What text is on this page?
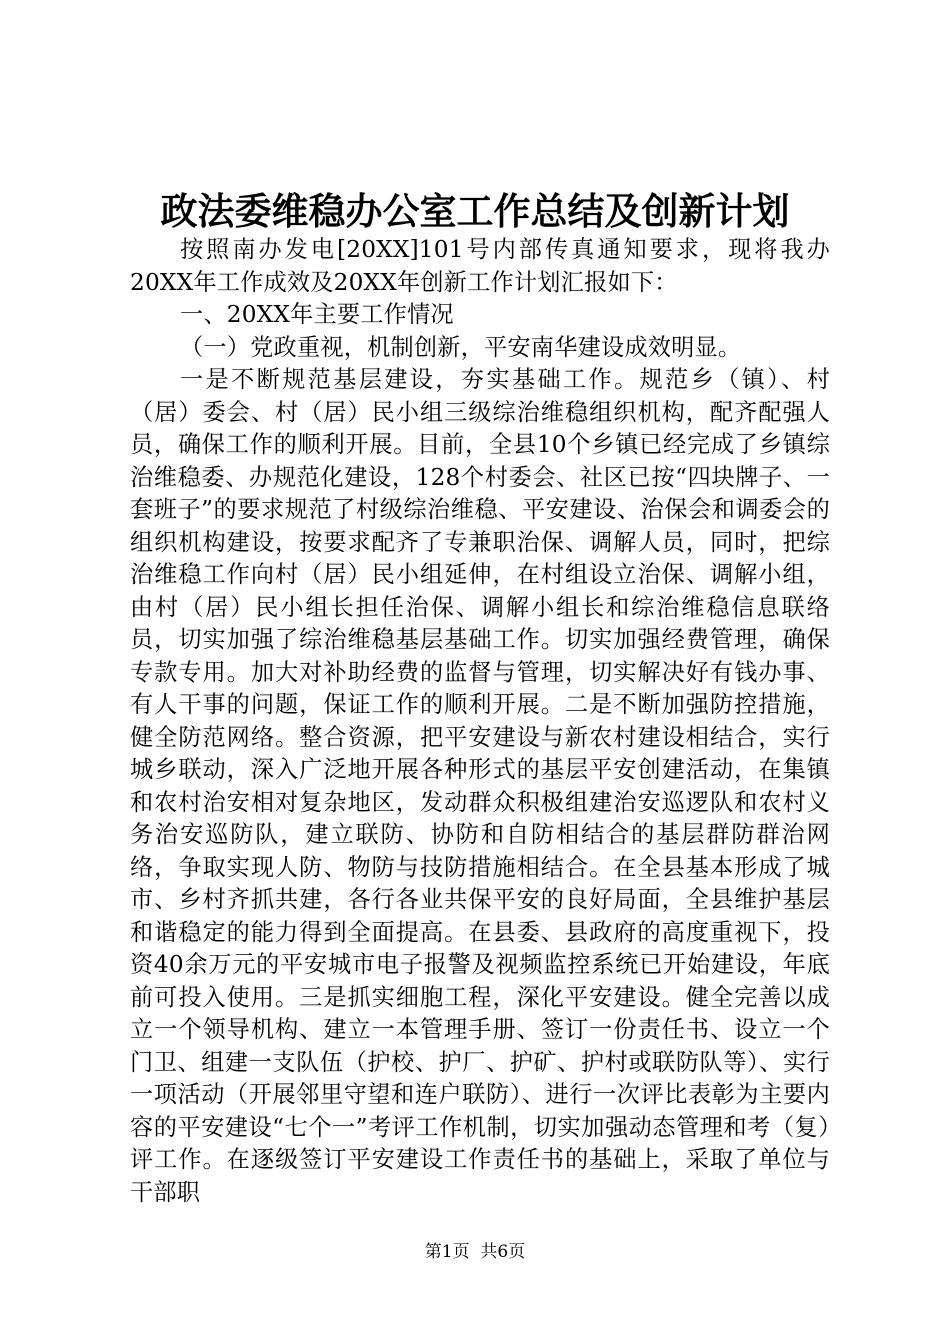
政法委维稳办公室工作总结及创新计划

按照南办发电[20XX]101号内部传真通知要求，现将我办20XX年工作成效及20XX年创新工作计划汇报如下：

一、20XX年主要工作情况

（一）党政重视，机制创新，平安南华建设成效明显。

一是不断规范基层建设，夯实基础工作。规范乡（镇）、村（居）委会、村（居）民小组三级综治维稳组织机构，配齐配强人员，确保工作的顺利开展。目前，全县10个乡镇已经完成了乡镇综治维稳委、办规范化建设，128个村委会、社区已按“四块牌子、一套班子”的要求规范了村级综治维稳、平安建设、治保会和调委会的组织机构建设，按要求配齐了专兼职治保、调解人员，同时，把综治维稳工作向村（居）民小组延伸，在村组设立治保、调解小组，由村（居）民小组长担任治保、调解小组长和综治维稳信息联络员，切实加强了综治维稳基层基础工作。切实加强经费管理，确保专款专用。加大对补助经费的监督与管理，切实解决好有钱办事、有人干事的问题，保证工作的顺利开展。二是不断加强防控措施，健全防范网络。整合资源，把平安建设与新农村建设相结合，实行城乡联动，深入广泛地开展各种形式的基层平安创建活动，在集镇和农村治安相对复杂地区，发动群众积极组建治安巡逻队和农村义务治安巡防队，建立联防、协防和自防相结合的基层群防群治网络，争取实现人防、物防与技防措施相结合。在全县基本形成了城市、乡村齐抓共建，各行各业共保平安的良好局面，全县维护基层和谐稳定的能力得到全面提高。在县委、县政府的高度重视下，投资40余万元的平安城市电子报警及视频监控系统已开始建设，年底前可投入使用。三是抓实细胞工程，深化平安建设。健全完善以成立一个领导机构、建立一本管理手册、签订一份责任书、设立一个门卫、组建一支队伍（护校、护厂、护矿、护村或联防队等）、实行一项活动（开展邻里守望和连户联防）、进行一次评比表彰为主要内容的平安建设“七个一”考评工作机制，切实加强动态管理和考（复）评工作。在逐级签订平安建设工作责任书的基础上，采取了单位与干部职

第1页 共6页
